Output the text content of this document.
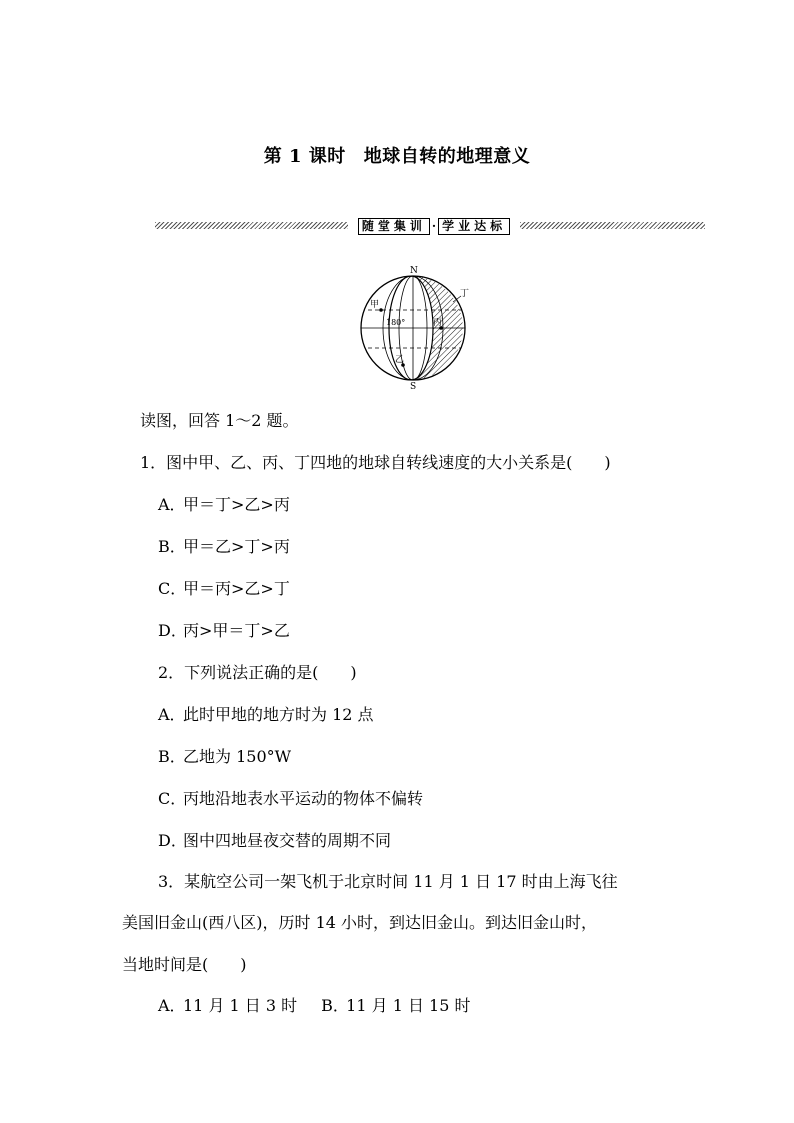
第 1 课时 地球自转的地理意义
随堂集训 · 学业达标
N
S
甲
180°	丙
乙
丁
读图，回答 1～2 题。
1．图中甲、乙、丙、丁四地的地球自转线速度的大小关系是(　　)
A．甲＝丁>乙>丙
B．甲＝乙>丁>丙
C．甲＝丙>乙>丁
D．丙>甲＝丁>乙
2．下列说法正确的是(　　)
A．此时甲地的地方时为 12 点
B．乙地为 150°W
C．丙地沿地表水平运动的物体不偏转
D．图中四地昼夜交替的周期不同
3．某航空公司一架飞机于北京时间 11 月 1 日 17 时由上海飞往
美国旧金山(西八区)，历时 14 小时，到达旧金山。到达旧金山时，
当地时间是(　　)
A．11 月 1 日 3 时 B．11 月 1 日 15 时
